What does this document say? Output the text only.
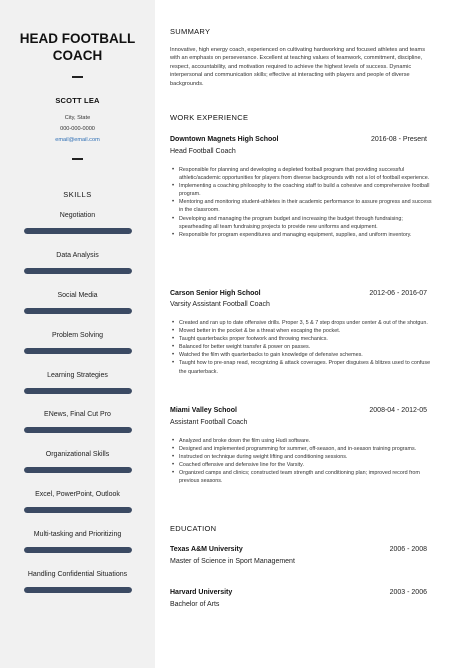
HEAD FOOTBALL
COACH
SCOTT LEA
City, State
000-000-0000
email@email.com
SKILLS
Negotiation
Data Analysis
Social Media
Problem Solving
Learning Strategies
ENews, Final Cut Pro
Organizational Skills
Excel, PowerPoint, Outlook
Multi-tasking and Prioritizing
Handling Confidential Situations
SUMMARY
Innovative, high energy coach, experienced on cultivating hardworking and focused athletes and teams with an emphasis on perseverance. Excellent at teaching values of teamwork, commitment, discipline, respect, accountability, and motivation required to achieve the highest levels of success. Dynamic interpersonal and communication skills; effective at interacting with players and people of diverse backgrounds.
WORK EXPERIENCE
Downtown Magnets High School	2016-08 - Present
Head Football Coach
• Responsible for planning and developing a depleted football program that providing successful athletic/academic opportunities for players from diverse backgrounds with not a lot of football experience.
• Implementing a coaching philosophy to the coaching staff to build a cohesive and comprehensive football program.
• Mentoring and monitoring student-athletes in their academic performance to assure progress and success in the classroom.
• Developing and managing the program budget and increasing the budget through fundraising; spearheading all team fundraising projects to provide new uniforms and equipment.
• Responsible for program expenditures and managing equipment, supplies, and uniform inventory.
Carson Senior High School	2012-06 - 2016-07
Varsity Assistant Football Coach
• Created and ran up to date offensive drills. Proper 3, 5 & 7 step drops under center & out of the shotgun.
• Moved better in the pocket & be a threat when escaping the pocket.
• Taught quarterbacks proper footwork and throwing mechanics.
• Balanced for better weight transfer & power on passes.
• Watched the film with quarterbacks to gain knowledge of defensive schemes.
• Taught how to pre-snap read, recognizing & attack coverages. Proper disguises & blitzes used to confuse the quarterback.
Miami Valley School	2008-04 - 2012-05
Assistant Football Coach
• Analyzed and broke down the film using Hudi software.
• Designed and implemented programming for summer, off-season, and in-season training programs.
• Instructed on technique during weight lifting and conditioning sessions.
• Coached offensive and defensive line for the Varsity.
• Organized camps and clinics; constructed team strength and conditioning plan; improved record from previous seasons.
EDUCATION
Texas A&M University	2006 - 2008
Master of Science in Sport Management
Harvard University	2003 - 2006
Bachelor of Arts
